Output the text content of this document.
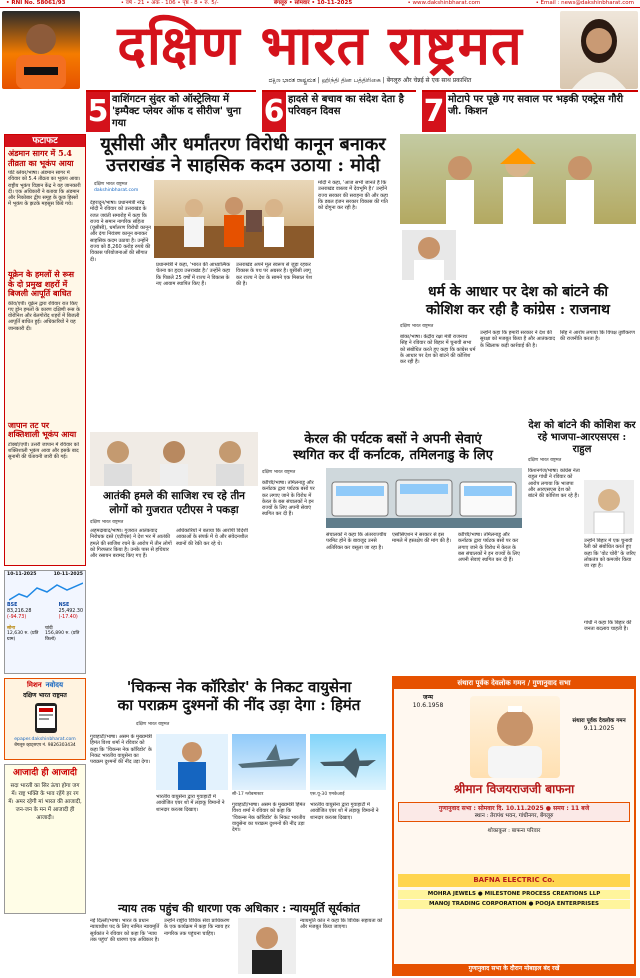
• RNI No. 58061/93	• वर्ष - 21 • अंक - 106 • पृष्ठ - 8 • रु. 5/-	बेंगलूरु • सोमवार • 10-11-2025	• www.dakshinbharat.com	• Email : news@dakshinbharat.com
दक्षिण भारत राष्ट्रमत
ದಕ್ಷಿಣ ಭಾರತ ರಾಷ್ಟ್ರಮತ | ஹிந்தி தின பத்திரிகை | बेंगलूरु और चेन्नई से एक साथ प्रकाशित
5 वाशिंगटन सुंदर को ऑस्ट्रेलिया में 'इम्पैक्ट प्लेयर ऑफ द सीरीज' चुना गया	6 हादसे से बचाव का संदेश देता है परिवहन दिवस	7 मोटापे पर पूछे गए सवाल पर भड़की एक्ट्रेस गौरी जी. किशन
फटाफट
अंडमान सागर में 5.4 तीव्रता का भूकंप आया
पोर्ट ब्लेयर/भाषा। अंडमान सागर में रविवार को 5.4 तीव्रता का भूकंप आया। राष्ट्रीय भूकंप विज्ञान केंद्र ने यह जानकारी दी। एक अधिकारी ने बताया कि अंडमान और निकोबार द्वीप समूह के कुछ हिस्सों में भूकंप के झटके महसूस किये गये।
यूक्रेन के हमलों से रूस के दो प्रमुख शहरों में बिजली आपूर्ति बाधित
कीव/एपी। यूक्रेन द्वारा रविवार रात किए गए ड्रोन हमलों के कारण दक्षिणी रूस के वोरोनिश और बेलगोरोद शहरों में बिजली आपूर्ति बाधित हुई। अधिकारियों ने यह जानकारी दी।
जापान तट पर शक्तिशाली भूकंप आया
टोक्यो/एपी। उत्तरी जापान में रविवार को शक्तिशाली भूकंप आया और इसके बाद सुनामी की चेतावनी जारी की गई।
10-11-2025	10-11-2025
BSE
83,216.28
(-94.73)
NSE
25,492.30
(-17.40)
सोना
12,630 रु. (प्रति ग्राम)
चांदी
156,890 रु. (प्रति किलो)
मिशन नवोदय
दक्षिण भारत राष्ट्रमत
epaper.dakshinbharat.com
बेंगलूरु व्हाट्सएप नं. 9826303434
आजादी ही आजादी
सदा भारती का सिर ऊंचा होगा जग में। राष्ट्र भक्ति के भाव रहेंगे हर रग में। अमर रहेगी मां भारत की आजादी, जन-जन के मन में आजादी ही आजादी।
यूसीसी और धर्मांतरण विरोधी कानून बनाकर
उत्तराखंड ने साहसिक कदम उठाया : मोदी
दक्षिण भारत राष्ट्रमत
dakshinbharat.com
देहरादून/भाषा। प्रधानमंत्री नरेंद्र मोदी ने रविवार को उत्तराखंड के रजत जयंती समारोह में कहा कि राज्य ने समान नागरिक संहिता (यूसीसी), धर्मांतरण विरोधी कानून और दंगा नियंत्रण कानून बनाकर साहसिक कदम उठाया है। उन्होंने राज्य को 8,260 करोड़ रुपये की विकास परियोजनाओं की सौगात दी।
मोदी ने कहा, 'आज सभी जानते हैं कि उत्तराखंड वास्तव में देवभूमि है।' उन्होंने राज्य सरकार की सराहना की और कहा कि डबल इंजन सरकार विकास की गति को दोगुना कर रही है।
प्रधानमंत्री ने कहा, 'भारत की आध्यात्मिक चेतना का हृदय उत्तराखंड है।' उन्होंने कहा कि पिछले 25 वर्षों में राज्य ने विकास के नए आयाम स्थापित किए हैं।
उत्तराखंड अपने मूल स्वरूप से जुड़ा रहकर विकास के पथ पर अग्रसर है। यूसीसी लागू कर राज्य ने देश के सामने एक मिसाल पेश की है।
धर्म के आधार पर देश को बांटने की
कोशिश कर रही है कांग्रेस : राजनाथ
दक्षिण भारत राष्ट्रमत
बांका/भाषा। केंद्रीय रक्षा मंत्री राजनाथ सिंह ने रविवार को बिहार में चुनावी सभा को संबोधित करते हुए कहा कि कांग्रेस धर्म के आधार पर देश को बांटने की कोशिश कर रही है।
उन्होंने कहा कि हमारी सरकार ने देश की सुरक्षा को मजबूत किया है और आतंकवाद के खिलाफ कड़ी कार्रवाई की है।
सिंह ने आरोप लगाया कि विपक्ष तुष्टीकरण की राजनीति करता है।
आतंकी हमले की साजिश रच रहे तीन
लोगों को गुजरात एटीएस ने पकड़ा
दक्षिण भारत राष्ट्रमत
अहमदाबाद/भाषा। गुजरात आतंकवाद निरोधक दस्ते (एटीएस) ने देश भर में आतंकी हमले की साजिश रचने के आरोप में तीन लोगों को गिरफ्तार किया है। उनके पास से हथियार और रसायन बरामद किए गए हैं।
अधिकारियों ने बताया कि आरोपी विदेशी आकाओं के संपर्क में थे और संवेदनशील स्थानों की रेकी कर रहे थे।
केरल की पर्यटक बसों ने अपनी सेवाएं
स्थगित कर दीं कर्नाटक, तमिलनाडु के लिए
दक्षिण भारत राष्ट्रमत
कोच्चि/भाषा। तमिलनाडु और कर्नाटक द्वारा पर्यटक बसों पर कर लगाए जाने के विरोध में केरल के बस संचालकों ने इन राज्यों के लिए अपनी सेवाएं स्थगित कर दी हैं।
संचालकों ने कहा कि अंतरराज्यीय परमिट होने के बावजूद उनसे अतिरिक्त कर वसूला जा रहा है।
एसोसिएशन ने सरकार से इस मामले में हस्तक्षेप की मांग की है।
कोच्चि/भाषा। तमिलनाडु और कर्नाटक द्वारा पर्यटक बसों पर कर लगाए जाने के विरोध में केरल के बस संचालकों ने इन राज्यों के लिए अपनी सेवाएं स्थगित कर दी हैं।
देश को बांटने की कोशिश कर
रहे भाजपा-आरएसएस : राहुल
दक्षिण भारत राष्ट्रमत
किशनगंज/भाषा। कांग्रेस नेता राहुल गांधी ने रविवार को आरोप लगाया कि भाजपा और आरएसएस देश को बांटने की कोशिश कर रहे हैं।
उन्होंने बिहार में एक चुनावी रैली को संबोधित करते हुए कहा कि 'वोट चोरी' के जरिए लोकतंत्र को कमजोर किया जा रहा है।
गांधी ने कहा कि बिहार की जनता बदलाव चाहती है।
'चिकन्स नेक कॉरिडोर' के निकट वायुसेना
का पराक्रम दुश्मनों की नींद उड़ा देगा : हिमंत
दक्षिण भारत राष्ट्रमत
गुवाहाटी/भाषा। असम के मुख्यमंत्री हिमंत विश्व शर्मा ने रविवार को कहा कि 'चिकन्स नेक कॉरिडोर' के निकट भारतीय वायुसेना का पराक्रम दुश्मनों की नींद उड़ा देगा।
भारतीय वायुसेना द्वारा गुवाहाटी में आयोजित एयर शो में लड़ाकू विमानों ने शानदार करतब दिखाए।
सी-17 ग्लोबमास्टर	एस.यू-30 एमकेआई
गुवाहाटी/भाषा। असम के मुख्यमंत्री हिमंत विश्व शर्मा ने रविवार को कहा कि 'चिकन्स नेक कॉरिडोर' के निकट भारतीय वायुसेना का पराक्रम दुश्मनों की नींद उड़ा देगा।
भारतीय वायुसेना द्वारा गुवाहाटी में आयोजित एयर शो में लड़ाकू विमानों ने शानदार करतब दिखाए।
न्याय तक पहुंच की धारणा एक अधिकार : न्यायमूर्ति सूर्यकांत
नई दिल्ली/भाषा। भारत के प्रधान न्यायाधीश पद के लिए नामित न्यायमूर्ति सूर्यकांत ने रविवार को कहा कि 'न्याय तक पहुंच' की धारणा एक अधिकार है।
उन्होंने राष्ट्रीय विधिक सेवा प्राधिकरण के एक कार्यक्रम में कहा कि न्याय हर नागरिक तक पहुंचना चाहिए।
न्यायमूर्ति कांत ने कहा कि विधिक सहायता को और मजबूत किया जाएगा।
संथारा पूर्वक देवलोक गमन / गुणानुवाद सभा
जन्म
10.6.1958
संथारा पूर्वक देवलोक गमन
9.11.2025
श्रीमान विजयराजजी बाफना
गुणानुवाद सभा : सोमवार दि. 10.11.2025 ● समय : 11 बजे
स्थान : तेरापंथ भवन, गांधीनगर, बेंगलूरु
शोकाकुल : बाफना परिवार
BAFNA ELECTRIC Co.
MOHRA JEWELS ● MILESTONE PROCESS CREATIONS LLP
MANOJ TRADING CORPORATION ● POOJA ENTERPRISES
गुणानुवाद सभा के दौरान मोबाइल बंद रखें
